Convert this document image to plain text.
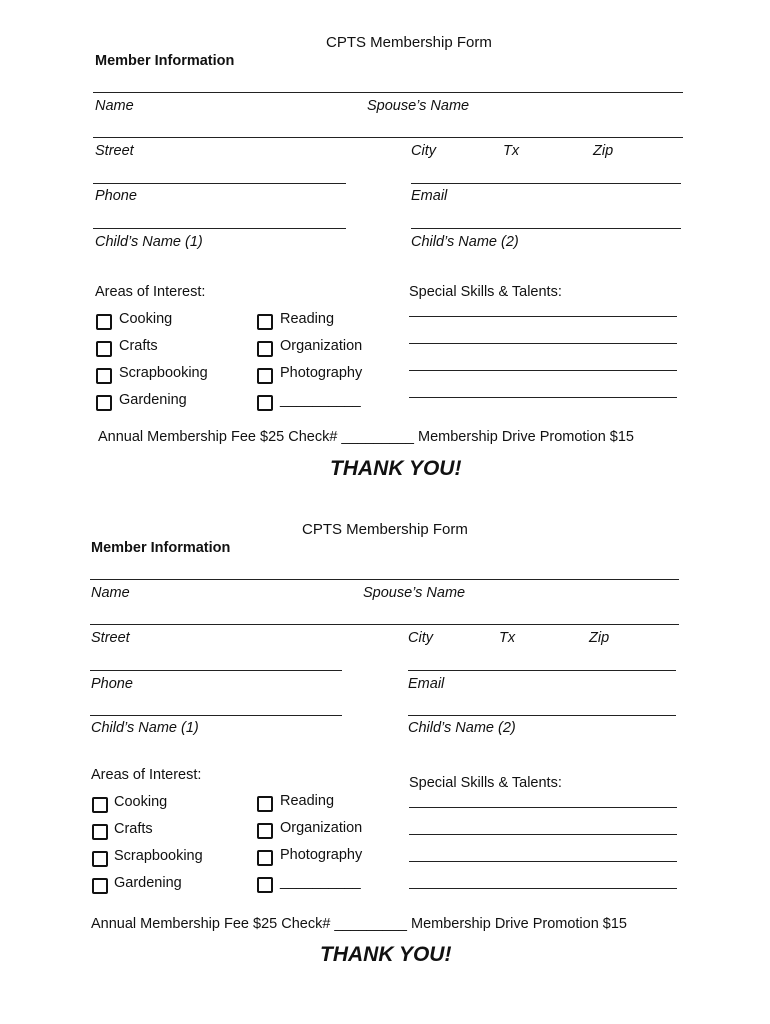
CPTS Membership Form
Member Information
Name	Spouse’s Name
Street	City	Tx	Zip
Phone	Email
Child’s Name (1)	Child’s Name (2)
Areas of Interest:	Special Skills & Talents:
Cooking
Crafts
Scrapbooking
Gardening
Reading
Organization
Photography
__________
Annual Membership Fee $25 Check# _________ Membership Drive Promotion $15
THANK YOU!
CPTS Membership Form
Member Information
Name	Spouse’s Name
Street	City	Tx	Zip
Phone	Email
Child’s Name (1)	Child’s Name (2)
Areas of Interest:	Special Skills & Talents:
Cooking
Crafts
Scrapbooking
Gardening
Reading
Organization
Photography
__________
Annual Membership Fee $25 Check# _________ Membership Drive Promotion $15
THANK YOU!
